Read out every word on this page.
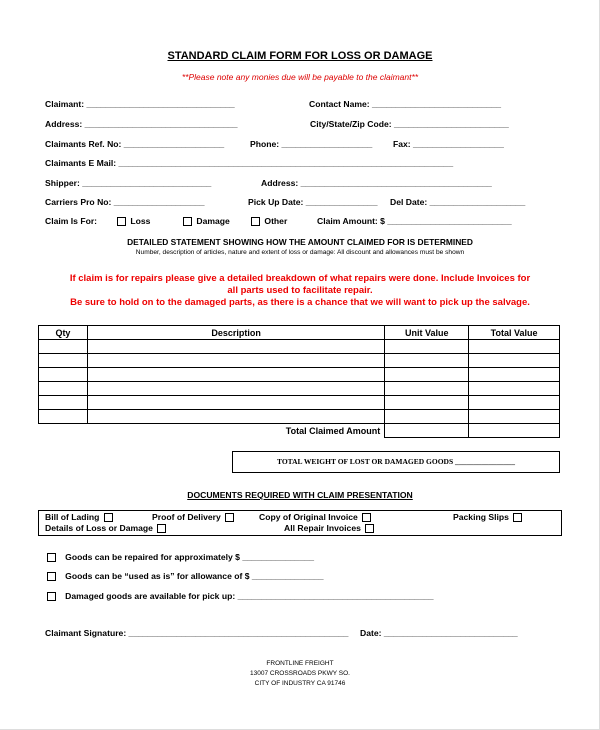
STANDARD CLAIM FORM FOR LOSS OR DAMAGE
**Please note any monies due will be payable to the claimant**
Claimant: _______________________________	Contact Name: ___________________________
Address: ________________________________	City/State/Zip Code: ________________________
Claimants Ref. No: _____________________	Phone: ___________________ Fax: ___________________
Claimants E Mail: ______________________________________________________________________
Shipper: ___________________________	Address: ________________________________________
Carriers Pro No: ___________________	Pick Up Date: _______________ Del Date: ____________________
Claim Is For:	Loss	Damage	Other	Claim Amount: $ __________________________
DETAILED STATEMENT SHOWING HOW THE AMOUNT CLAIMED FOR IS DETERMINED
Number, description of articles, nature and extent of loss or damage: All discount and allowances must be shown
If claim is for repairs please give a detailed breakdown of what repairs were done. Include Invoices for
all parts used to facilitate repair.
Be sure to hold on to the damaged parts, as there is a chance that we will want to pick up the salvage.
Qty	Description	Unit Value	Total Value

	Total Claimed Amount		
TOTAL WEIGHT OF LOST OR DAMAGED GOODS ________________
DOCUMENTS REQUIRED WITH CLAIM PRESENTATION
Bill of Lading	Proof of Delivery	Copy of Original Invoice	Packing Slips
Details of Loss or Damage	All Repair Invoices
Goods can be repaired for approximately $ _______________
Goods can be “used as is” for allowance of $ _______________
Damaged goods are available for pick up: _________________________________________
Claimant Signature: ______________________________________________ Date: ____________________________
FRONTLINE FREIGHT
13007 CROSSROADS PKWY SO.
CITY OF INDUSTRY CA 91746
